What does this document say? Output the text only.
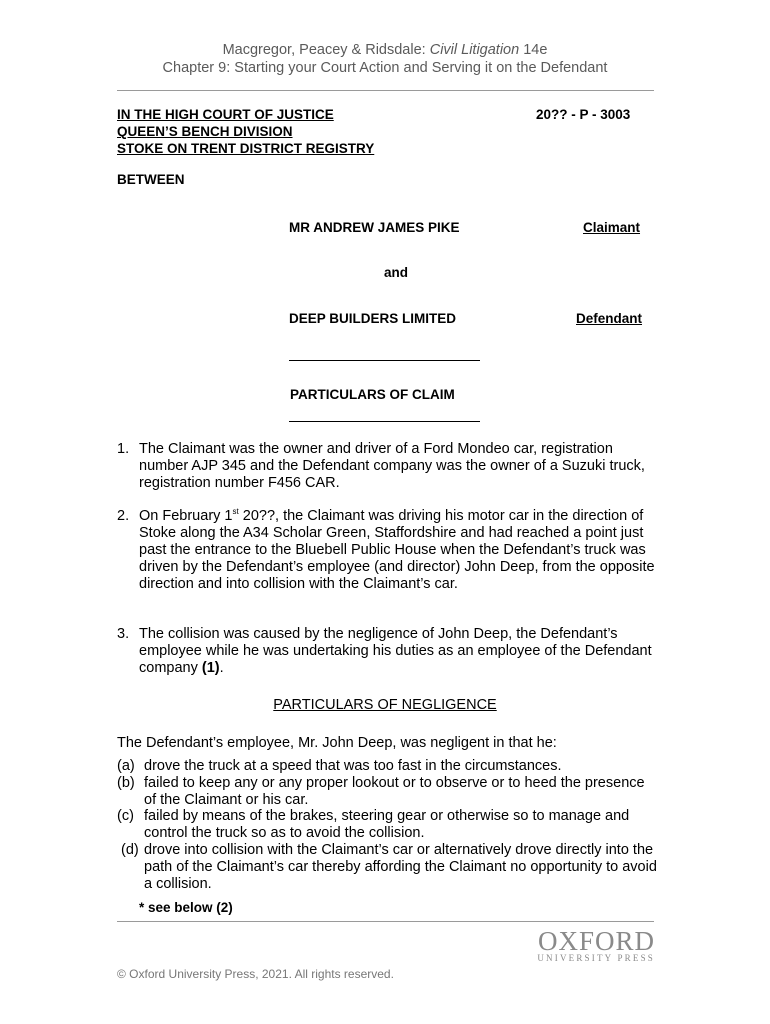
Macgregor, Peacey & Ridsdale: Civil Litigation 14e
Chapter 9: Starting your Court Action and Serving it on the Defendant
IN THE HIGH COURT OF JUSTICE
QUEEN’S BENCH DIVISION
STOKE ON TRENT DISTRICT REGISTRY
20?? - P - 3003
BETWEEN
MR ANDREW JAMES PIKE	Claimant
and
DEEP BUILDERS LIMITED	Defendant
PARTICULARS OF CLAIM
1. The Claimant was the owner and driver of a Ford Mondeo car, registration number AJP 345 and the Defendant company was the owner of a Suzuki truck, registration number F456 CAR.
2. On February 1st 20??, the Claimant was driving his motor car in the direction of Stoke along the A34 Scholar Green, Staffordshire and had reached a point just past the entrance to the Bluebell Public House when the Defendant’s truck was driven by the Defendant’s employee (and director) John Deep, from the opposite direction and into collision with the Claimant’s car.
3. The collision was caused by the negligence of John Deep, the Defendant’s employee while he was undertaking his duties as an employee of the Defendant company (1).
PARTICULARS OF NEGLIGENCE
The Defendant’s employee, Mr. John Deep, was negligent in that he:
(a) drove the truck at a speed that was too fast in the circumstances.
(b) failed to keep any or any proper lookout or to observe or to heed the presence of the Claimant or his car.
(c) failed by means of the brakes, steering gear or otherwise so to manage and control the truck so as to avoid the collision.
(d) drove into collision with the Claimant’s car or alternatively drove directly into the path of the Claimant’s car thereby affording the Claimant no opportunity to avoid a collision.
* see below (2)
OXFORD
UNIVERSITY PRESS
© Oxford University Press, 2021. All rights reserved.
